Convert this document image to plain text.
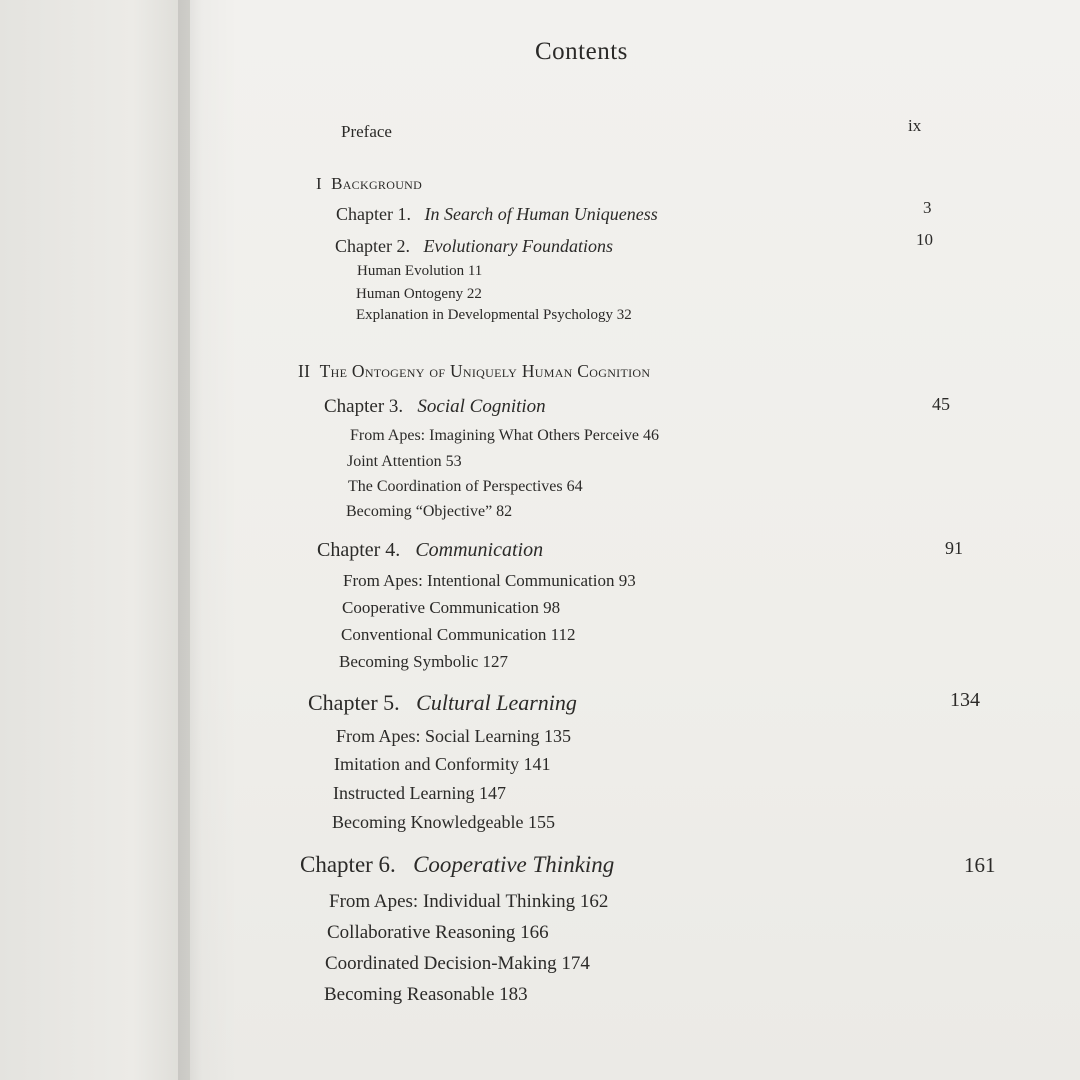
Contents
Preface	ix
I Background
Chapter 1. In Search of Human Uniqueness	3
Chapter 2. Evolutionary Foundations	10
Human Evolution 11
Human Ontogeny 22
Explanation in Developmental Psychology 32
II The Ontogeny of Uniquely Human Cognition
Chapter 3. Social Cognition	45
From Apes: Imagining What Others Perceive 46
Joint Attention 53
The Coordination of Perspectives 64
Becoming “Objective” 82
Chapter 4. Communication	91
From Apes: Intentional Communication 93
Cooperative Communication 98
Conventional Communication 112
Becoming Symbolic 127
Chapter 5. Cultural Learning	134
From Apes: Social Learning 135
Imitation and Conformity 141
Instructed Learning 147
Becoming Knowledgeable 155
Chapter 6. Cooperative Thinking	161
From Apes: Individual Thinking 162
Collaborative Reasoning 166
Coordinated Decision-Making 174
Becoming Reasonable 183
